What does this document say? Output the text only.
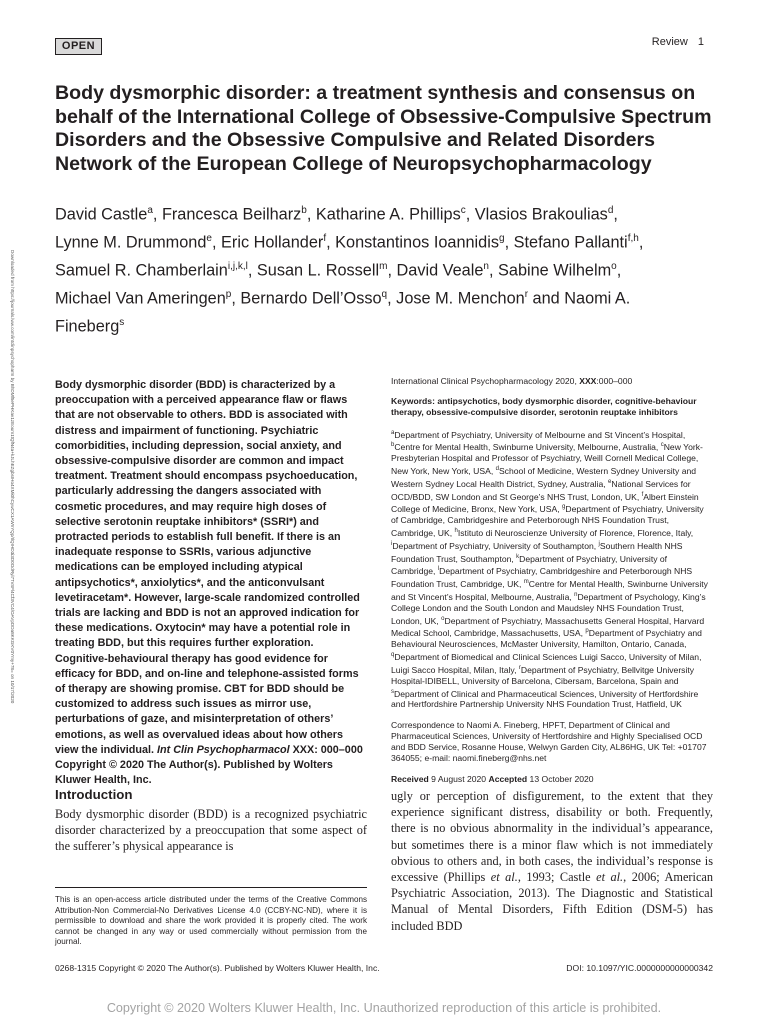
OPEN	Review 1
Downloaded from https://journals.lww.com/intclinpsychopharm by BhDMf5ePHKav1zEoum1tQfN4a+kJLhEZgbsIHo4XMi0hCywCX1AWnYQp/IlQrHD3i3D0OdRyi7TvSFl4Cf3VC4/OAVpDDa8KKGKV0Ymy+78= on 10/17/2020
Body dysmorphic disorder: a treatment synthesis and consensus on behalf of the International College of Obsessive-Compulsive Spectrum Disorders and the Obsessive Compulsive and Related Disorders Network of the European College of Neuropsychopharmacology

David Castle$^a$, Francesca Beilharz$^b$, Katharine A. Phillips$^c$, Vlasios Brakoulias$^d$, Lynne M. Drummond$^e$, Eric Hollander$^f$, Konstantinos Ioannidis$^g$, Stefano Pallanti$^{f,h}$, Samuel R. Chamberlain$^{i,j,k,l}$, Susan L. Rossell$^m$, David Veale$^n$, Sabine Wilhelm$^o$, Michael Van Ameringen$^p$, Bernardo Dell’Osso$^q$, Jose M. Menchon$^r$ and Naomi A. Fineberg$^s$

Body dysmorphic disorder (BDD) is characterized by a preoccupation with a perceived appearance flaw or flaws that are not observable to others. BDD is associated with distress and impairment of functioning. Psychiatric comorbidities, including depression, social anxiety, and obsessive-compulsive disorder are common and impact treatment. Treatment should encompass psychoeducation, particularly addressing the dangers associated with cosmetic procedures, and may require high doses of selective serotonin reuptake inhibitors* (SSRI*) and protracted periods to establish full benefit. If there is an inadequate response to SSRIs, various adjunctive medications can be employed including atypical antipsychotics*, anxiolytics*, and the anticonvulsant levetiracetam*. However, large-scale randomized controlled trials are lacking and BDD is not an approved indication for these medications. Oxytocin* may have a potential role in treating BDD, but this requires further exploration. Cognitive-behavioural therapy has good evidence for efficacy for BDD, and on-line and telephone-assisted forms of therapy are showing promise. CBT for BDD should be customized to address such issues as mirror use, perturbations of gaze, and misinterpretation of others’ emotions, as well as overvalued ideas about how others view the individual. Int Clin Psychopharmacol XXX: 000–000 Copyright © 2020 The Author(s). Published by Wolters Kluwer Health, Inc.

International Clinical Psychopharmacology 2020, XXX:000–000

Keywords: antipsychotics, body dysmorphic disorder, cognitive-behaviour therapy, obsessive-compulsive disorder, serotonin reuptake inhibitors

$^a$Department of Psychiatry, University of Melbourne and St Vincent’s Hospital, $^b$Centre for Mental Health, Swinburne University, Melbourne, Australia, $^c$New York-Presbyterian Hospital and Professor of Psychiatry, Weill Cornell Medical College, New York, New York, USA, $^d$School of Medicine, Western Sydney University and Western Sydney Local Health District, Sydney, Australia, $^e$National Services for OCD/BDD, SW London and St George’s NHS Trust, London, UK, $^f$Albert Einstein College of Medicine, Bronx, New York, USA, $^g$Department of Psychiatry, University of Cambridge, Cambridgeshire and Peterborough NHS Foundation Trust, Cambridge, UK, $^h$Istituto di Neuroscienze University of Florence, Florence, Italy, $^i$Department of Psychiatry, University of Southampton, $^j$Southern Health NHS Foundation Trust, Southampton, $^k$Department of Psychiatry, University of Cambridge, $^l$Department of Psychiatry, Cambridgeshire and Peterborough NHS Foundation Trust, Cambridge, UK, $^m$Centre for Mental Health, Swinburne University and St Vincent’s Hospital, Melbourne, Australia, $^n$Department of Psychology, King’s College London and the South London and Maudsley NHS Foundation Trust, London, UK, $^o$Department of Psychiatry, Massachusetts General Hospital, Harvard Medical School, Cambridge, Massachusetts, USA, $^p$Department of Psychiatry and Behavioural Neurosciences, McMaster University, Hamilton, Ontario, Canada, $^q$Department of Biomedical and Clinical Sciences Luigi Sacco, University of Milan, Luigi Sacco Hospital, Milan, Italy, $^r$Department of Psychiatry, Bellvitge University Hospital-IDIBELL, University of Barcelona, Cibersam, Barcelona, Spain and $^s$Department of Clinical and Pharmaceutical Sciences, University of Hertfordshire and Hertfordshire Partnership University NHS Foundation Trust, Hatfield, UK

Correspondence to Naomi A. Fineberg, HPFT, Department of Clinical and Pharmaceutical Sciences, University of Hertfordshire and Highly Specialised OCD and BDD Service, Rosanne House, Welwyn Garden City, AL86HG, UK Tel: +01707 364055; e-mail: naomi.fineberg@nhs.net

Received 9 August 2020 Accepted 13 October 2020

Introduction

Body dysmorphic disorder (BDD) is a recognized psychiatric disorder characterized by a preoccupation that some aspect of the sufferer’s physical appearance is

ugly or perception of disfigurement, to the extent that they experience significant distress, disability or both. Frequently, there is no obvious abnormality in the individual’s appearance, but sometimes there is a minor flaw which is not immediately obvious to others and, in both cases, the individual’s response is excessive (Phillips et al., 1993; Castle et al., 2006; American Psychiatric Association, 2013). The Diagnostic and Statistical Manual of Mental Disorders, Fifth Edition (DSM-5) has included BDD

This is an open-access article distributed under the terms of the Creative Commons Attribution-Non Commercial-No Derivatives License 4.0 (CCBY-NC-ND), where it is permissible to download and share the work provided it is properly cited. The work cannot be changed in any way or used commercially without permission from the journal.

0268-1315 Copyright © 2020 The Author(s). Published by Wolters Kluwer Health, Inc.	DOI: 10.1097/YIC.0000000000000342
Copyright © 2020 Wolters Kluwer Health, Inc. Unauthorized reproduction of this article is prohibited.
